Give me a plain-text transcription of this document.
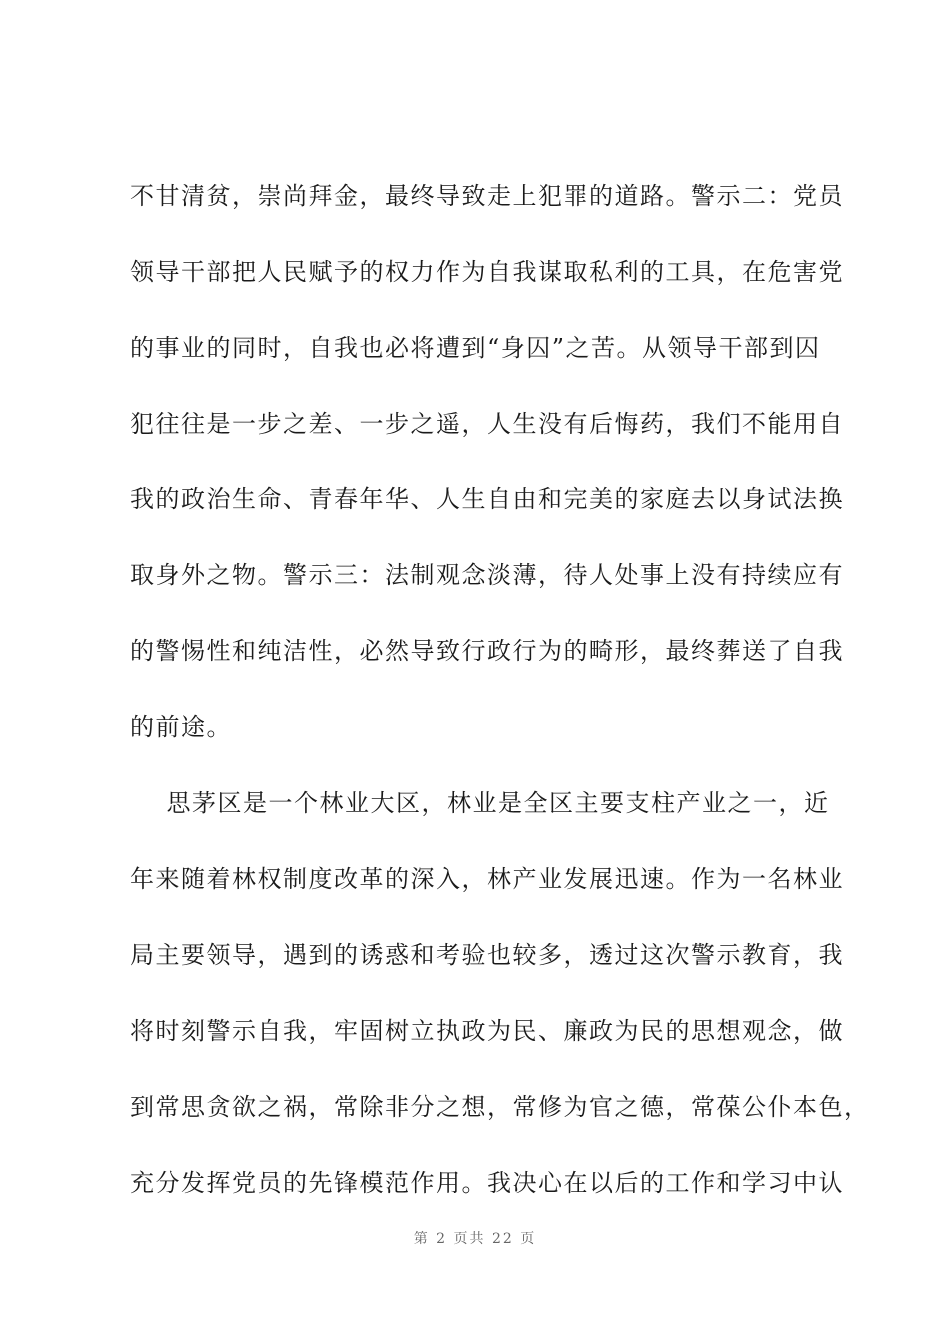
不甘清贫，崇尚拜金，最终导致走上犯罪的道路。警示二：党员
领导干部把人民赋予的权力作为自我谋取私利的工具，在危害党
的事业的同时，自我也必将遭到“身囚”之苦。从领导干部到囚
犯往往是一步之差、一步之遥，人生没有后悔药，我们不能用自
我的政治生命、青春年华、人生自由和完美的家庭去以身试法换
取身外之物。警示三：法制观念淡薄，待人处事上没有持续应有
的警惕性和纯洁性，必然导致行政行为的畸形，最终葬送了自我
的前途。
思茅区是一个林业大区，林业是全区主要支柱产业之一，近
年来随着林权制度改革的深入，林产业发展迅速。作为一名林业
局主要领导，遇到的诱惑和考验也较多，透过这次警示教育，我
将时刻警示自我，牢固树立执政为民、廉政为民的思想观念，做
到常思贪欲之祸，常除非分之想，常修为官之德，常葆公仆本色，
充分发挥党员的先锋模范作用。我决心在以后的工作和学习中认
第 2 页共 22 页
